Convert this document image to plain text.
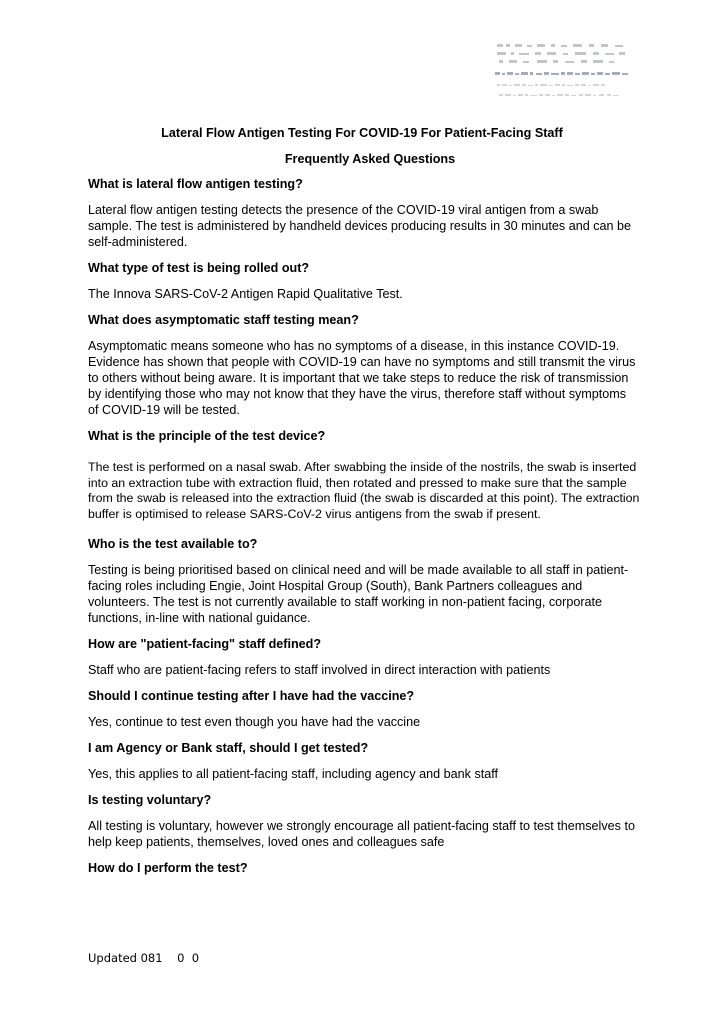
Lateral Flow Antigen Testing For COVID-19 For Patient-Facing Staff
Frequently Asked Questions

What is lateral flow antigen testing?

Lateral flow antigen testing detects the presence of the COVID-19 viral antigen from a swab sample. The test is administered by handheld devices producing results in 30 minutes and can be self-administered.

What type of test is being rolled out?

The Innova SARS-CoV-2 Antigen Rapid Qualitative Test.

What does asymptomatic staff testing mean?

Asymptomatic means someone who has no symptoms of a disease, in this instance COVID-19. Evidence has shown that people with COVID-19 can have no symptoms and still transmit the virus to others without being aware. It is important that we take steps to reduce the risk of transmission by identifying those who may not know that they have the virus, therefore staff without symptoms of COVID-19 will be tested.

What is the principle of the test device?

The test is performed on a nasal swab. After swabbing the inside of the nostrils, the swab is inserted into an extraction tube with extraction fluid, then rotated and pressed to make sure that the sample from the swab is released into the extraction fluid (the swab is discarded at this point). The extraction buffer is optimised to release SARS-CoV-2 virus antigens from the swab if present.

Who is the test available to?

Testing is being prioritised based on clinical need and will be made available to all staff in patient-facing roles including Engie, Joint Hospital Group (South), Bank Partners colleagues and volunteers. The test is not currently available to staff working in non-patient facing, corporate functions, in-line with national guidance.

How are "patient-facing" staff defined?

Staff who are patient-facing refers to staff involved in direct interaction with patients

Should I continue testing after I have had the vaccine?

Yes, continue to test even though you have had the vaccine

I am Agency or Bank staff, should I get tested?

Yes, this applies to all patient-facing staff, including agency and bank staff

Is testing voluntary?

All testing is voluntary, however we strongly encourage all patient-facing staff to test themselves to help keep patients, themselves, loved ones and colleagues safe

How do I perform the test?

Updated 081    0  0
